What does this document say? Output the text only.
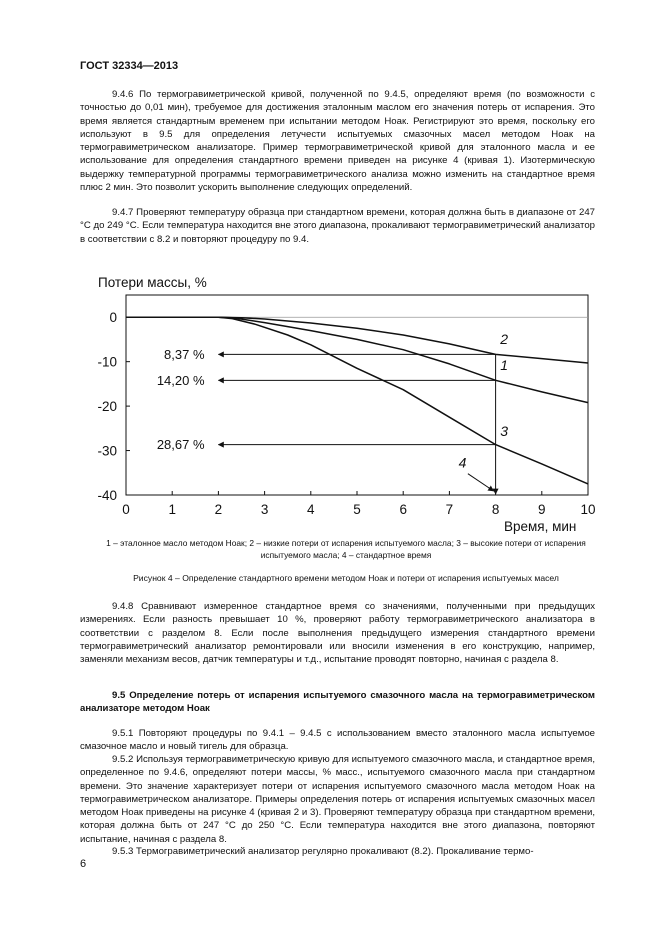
ГОСТ 32334—2013
9.4.6 По термогравиметрической кривой, полученной по 9.4.5, определяют время (по возможности с точностью до 0,01 мин), требуемое для достижения эталонным маслом его значения потерь от испарения. Это время является стандартным временем при испытании методом Ноак. Регистрируют это время, поскольку его используют в 9.5 для определения летучести испытуемых смазочных масел методом Ноак на термогравиметрическом анализаторе. Пример термогравиметрической кривой для эталонного масла и ее использование для определения стандартного времени приведен на рисунке 4 (кривая 1). Изотермическую выдержку температурной программы термогравиметрического анализа можно изменить на стандартное время плюс 2 мин. Это позволит ускорить выполнение следующих определений.
9.4.7 Проверяют температуру образца при стандартном времени, которая должна быть в диапазоне от 247 °C до 249 °C. Если температура находится вне этого диапазона, прокаливают термогравиметрический анализатор в соответствии с 8.2 и повторяют процедуру по 9.4.
Потери массы, %
Время, мин
0	1	2	3	4	5	6	7	8	9	10
0
-10
-20
-30
-40
8,37 %
14,20 %
28,67 %
2
1
3
4
1 – эталонное масло методом Ноак; 2 – низкие потери от испарения испытуемого масла; 3 – высокие потери от испарения испытуемого масла; 4 – стандартное время
Рисунок 4 – Определение стандартного времени методом Ноак и потери от испарения испытуемых масел
9.4.8 Сравнивают измеренное стандартное время со значениями, полученными при предыдущих измерениях. Если разность превышает 10 %, проверяют работу термогравиметрического анализатора в соответствии с разделом 8. Если после выполнения предыдущего измерения стандартного времени термогравиметрический анализатор ремонтировали или вносили изменения в его конструкцию, например, заменяли механизм весов, датчик температуры и т.д., испытание проводят повторно, начиная с раздела 8.
9.5 Определение потерь от испарения испытуемого смазочного масла на термогравиметрическом анализаторе методом Ноак
9.5.1 Повторяют процедуры по 9.4.1 – 9.4.5 с использованием вместо эталонного масла испытуемое смазочное масло и новый тигель для образца.
9.5.2 Используя термогравиметрическую кривую для испытуемого смазочного масла, и стандартное время, определенное по 9.4.6, определяют потери массы, % масс., испытуемого смазочного масла при стандартном времени. Это значение характеризует потери от испарения испытуемого смазочного масла методом Ноак на термогравиметрическом анализаторе. Примеры определения потерь от испарения испытуемых смазочных масел методом Ноак приведены на рисунке 4 (кривая 2 и 3). Проверяют температуру образца при стандартном времени, которая должна быть от 247 °C до 250 °C. Если температура находится вне этого диапазона, повторяют испытание, начиная с раздела 8.
9.5.3 Термогравиметрический анализатор регулярно прокаливают (8.2). Прокаливание термо-
6
